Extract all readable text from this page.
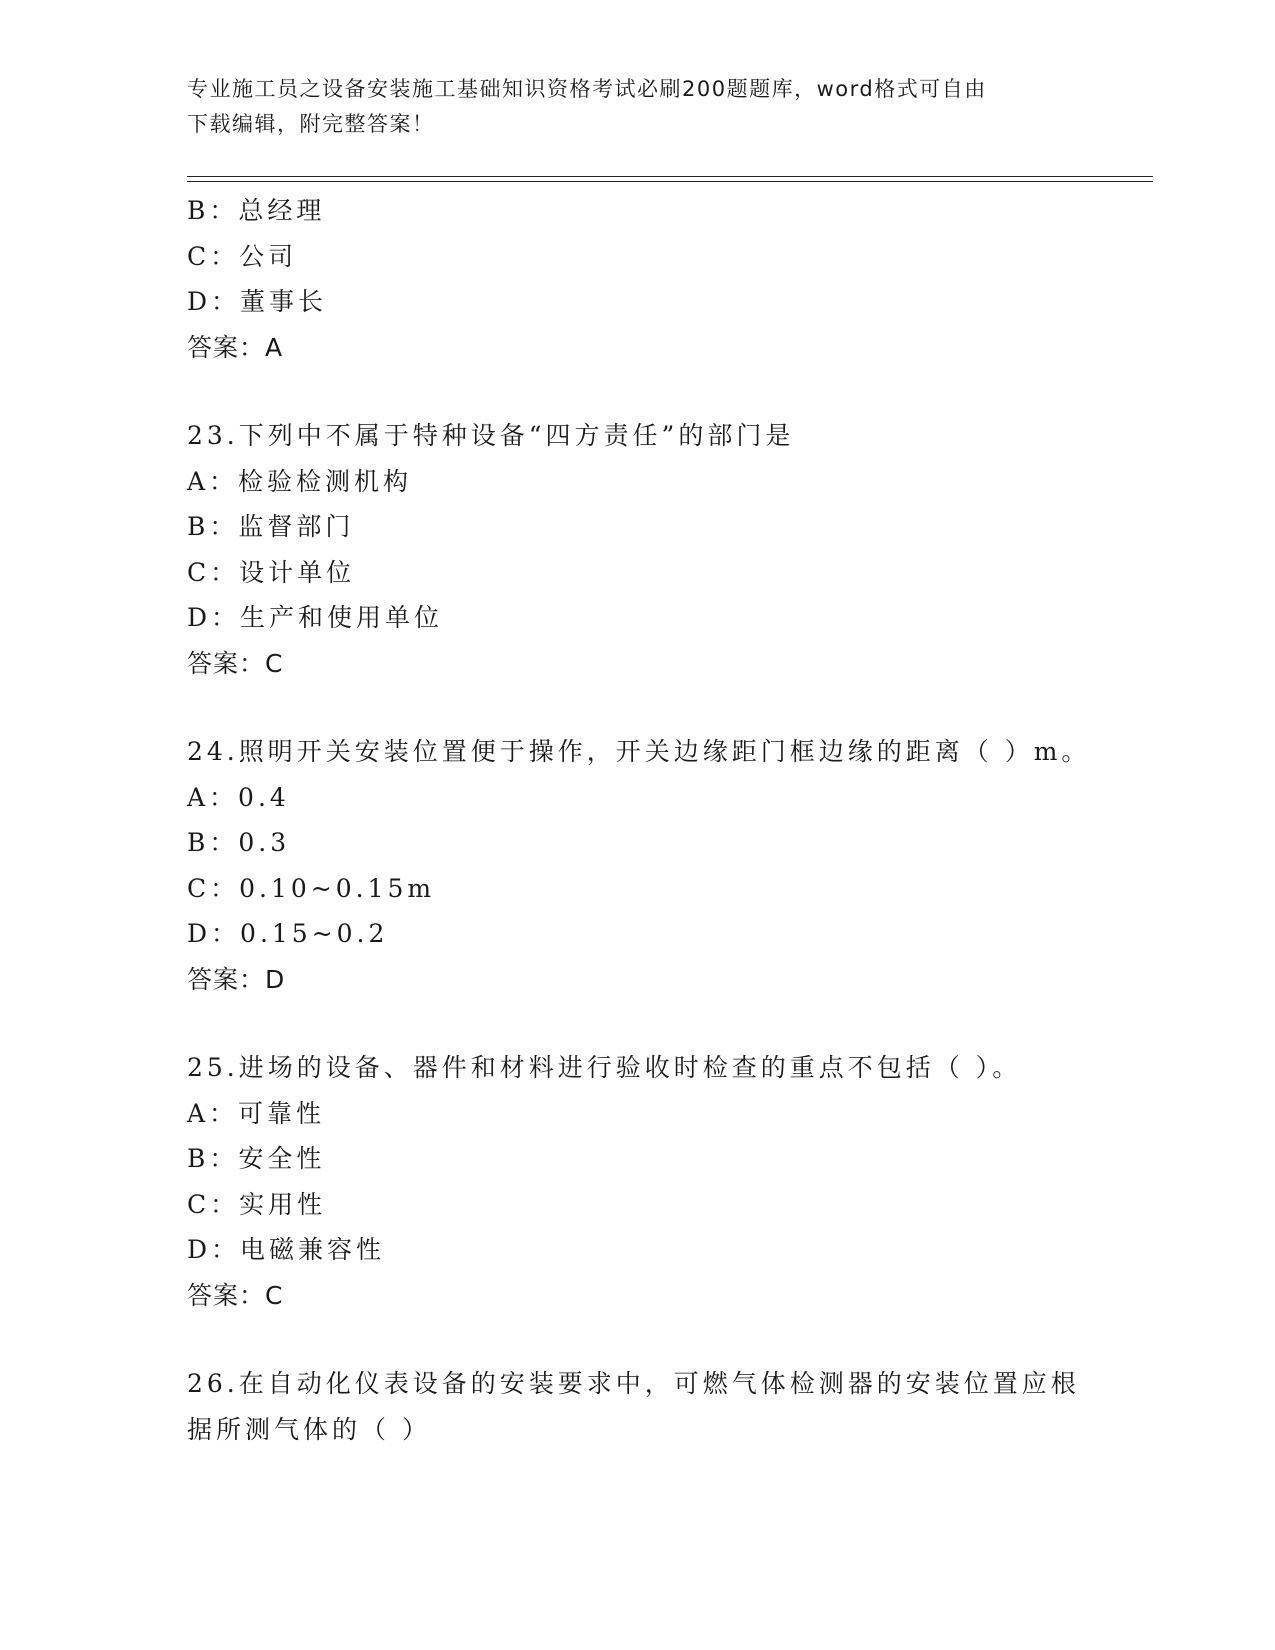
专业施工员之设备安装施工基础知识资格考试必刷200题题库，word格式可自由
下载编辑，附完整答案！
B：总经理
C：公司
D：董事长
答案：A
23.下列中不属于特种设备“四方责任”的部门是
A：检验检测机构
B：监督部门
C：设计单位
D：生产和使用单位
答案：C
24.照明开关安装位置便于操作，开关边缘距门框边缘的距离（ ）m。
A：0.4
B：0.3
C：0.10~0.15m
D：0.15~0.2
答案：D
25.进场的设备、器件和材料进行验收时检查的重点不包括（ ）。
A：可靠性
B：安全性
C：实用性
D：电磁兼容性
答案：C
26.在自动化仪表设备的安装要求中，可燃气体检测器的安装位置应根
据所测气体的（ ）
